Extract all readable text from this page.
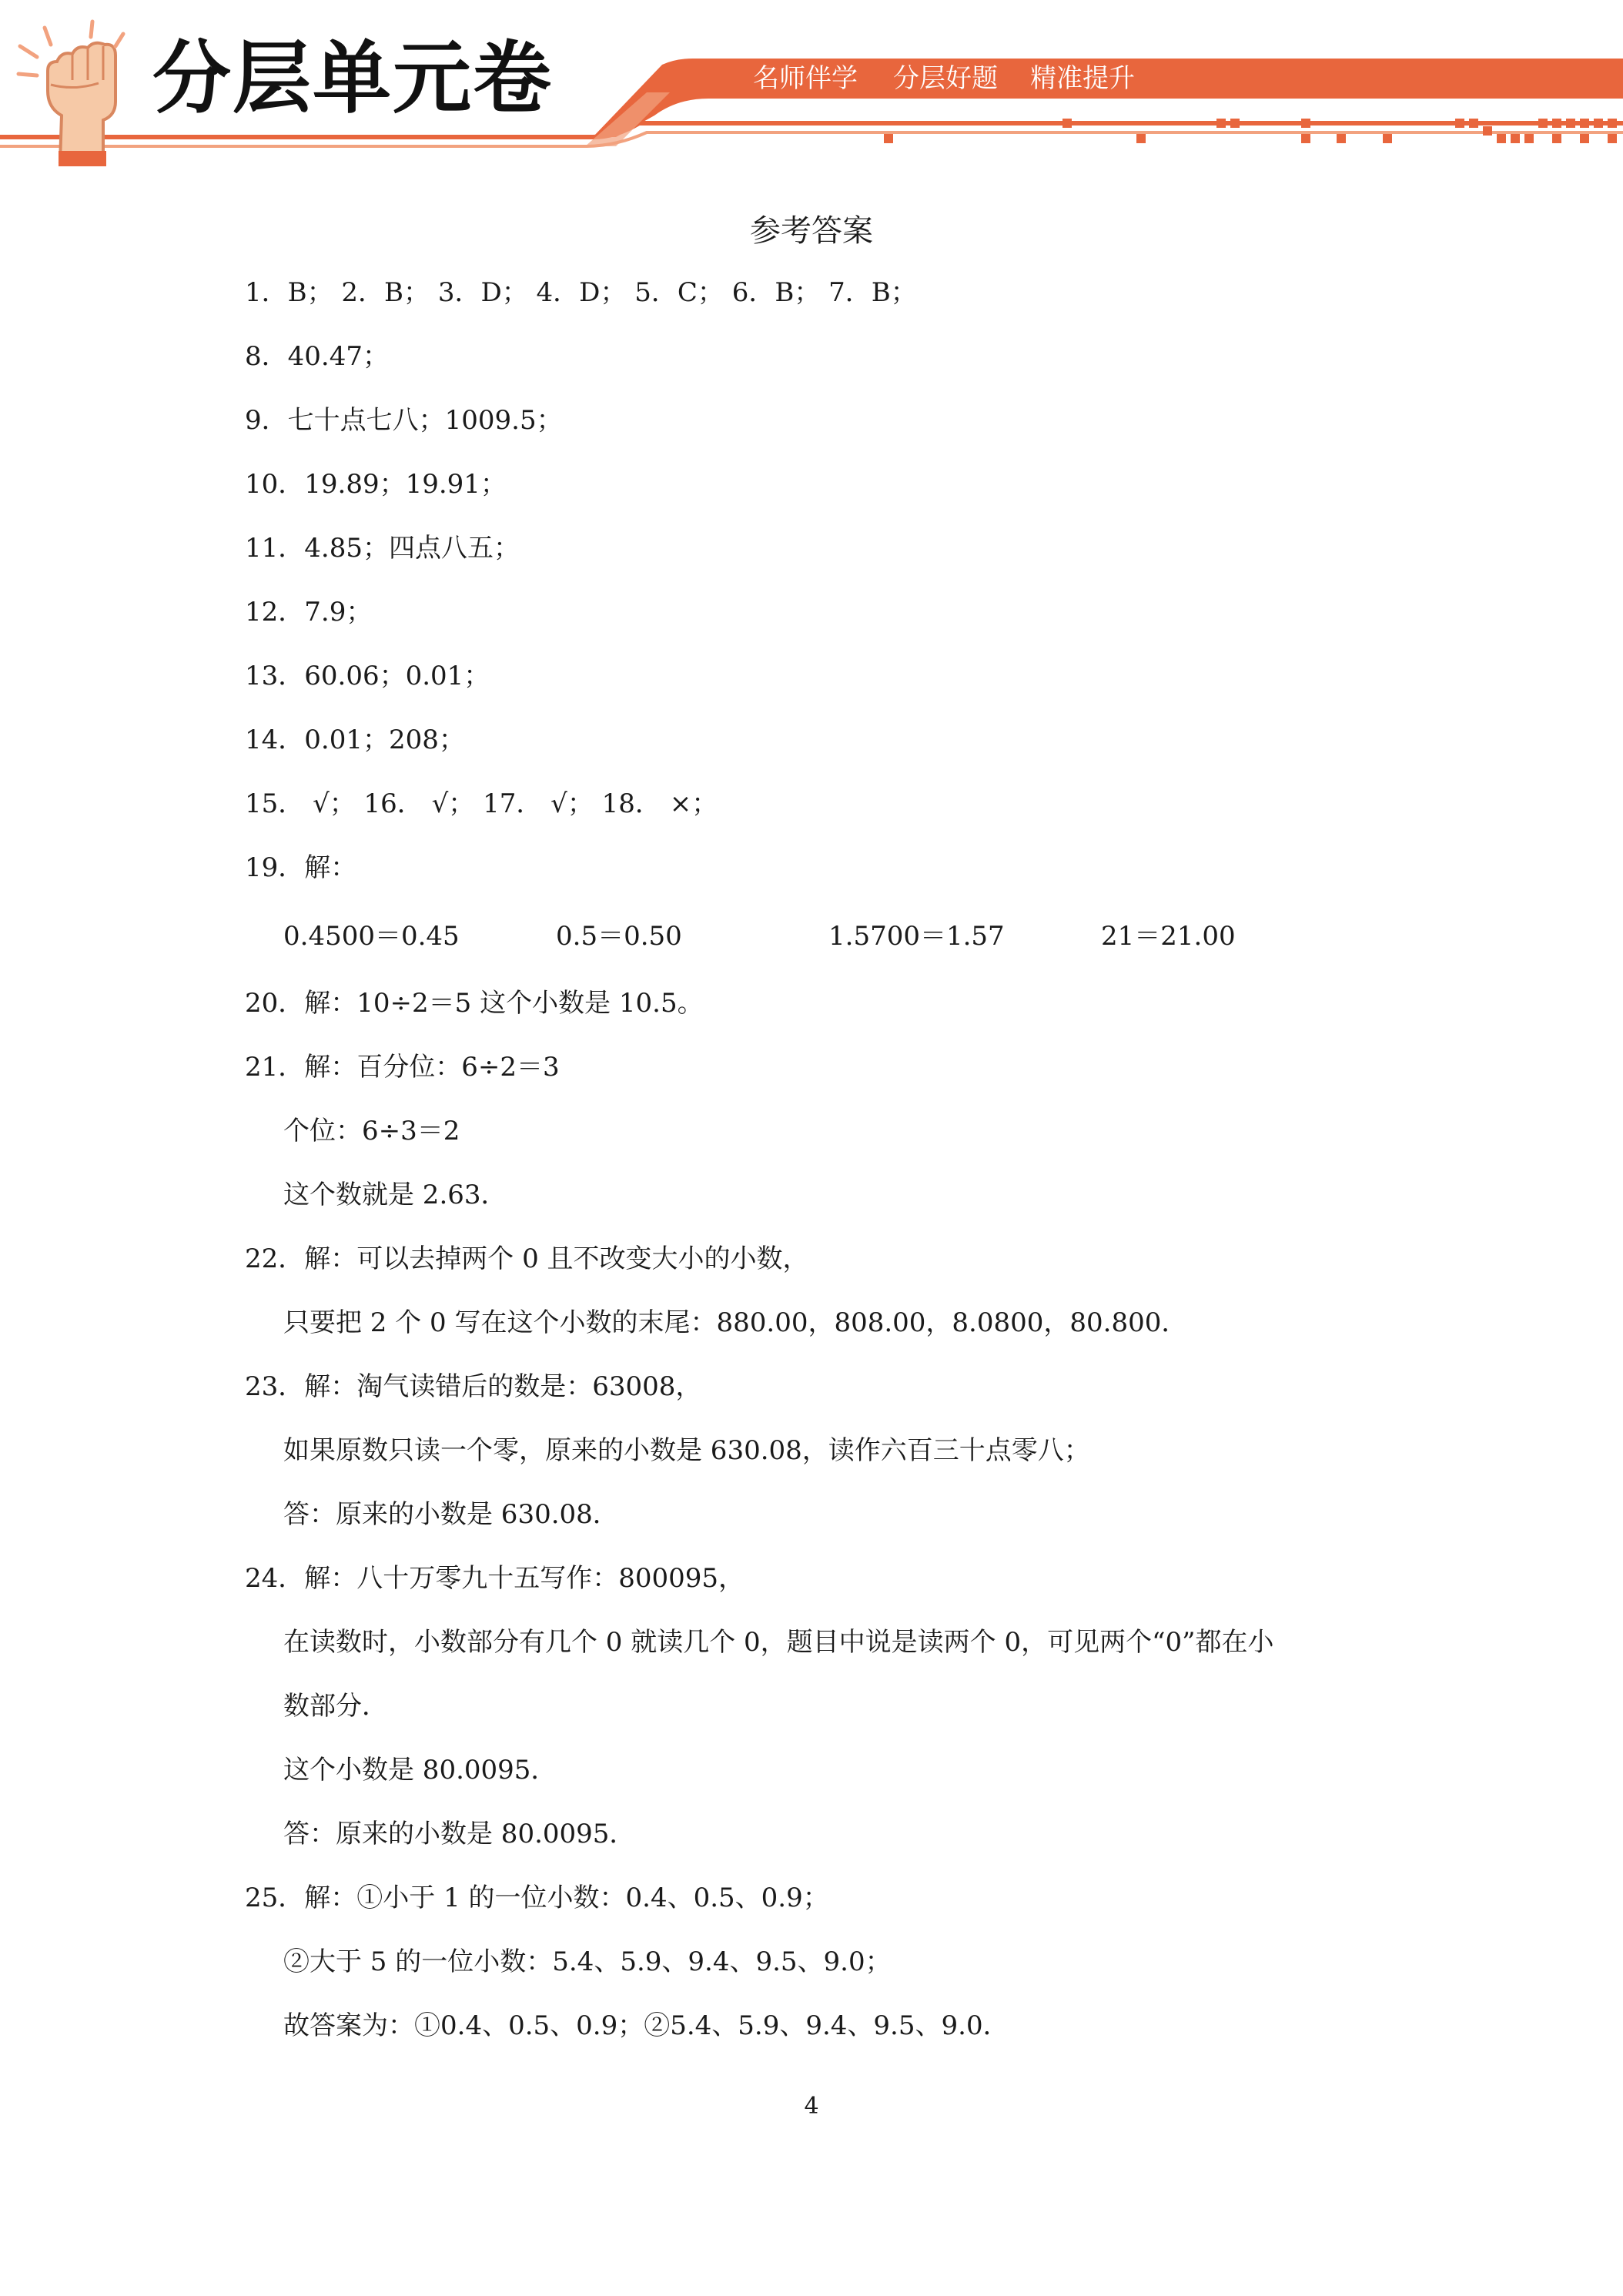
分层单元卷	名师伴学 分层好题 精准提升
参考答案
1．B； 2．B； 3．D； 4．D； 5．C； 6．B； 7．B；
8．40.47；
9．七十点七八；1009.5；
10．19.89；19.91；
11．4.85；四点八五；
12．7.9；
13．60.06；0.01；
14．0.01；208；
15． √； 16． √； 17． √； 18． ×；
19．解：
0.4500＝0.45	0.5＝0.50	1.5700＝1.57	21＝21.00
20．解：10÷2＝5 这个小数是 10.5。
21．解：百分位：6÷2＝3
个位：6÷3＝2
这个数就是 2.63．
22．解：可以去掉两个 0 且不改变大小的小数，
只要把 2 个 0 写在这个小数的末尾：880.00，808.00，8.0800，80.800．
23．解：淘气读错后的数是：63008，
如果原数只读一个零，原来的小数是 630.08，读作六百三十点零八；
答：原来的小数是 630.08．
24．解：八十万零九十五写作：800095，
在读数时，小数部分有几个 0 就读几个 0，题目中说是读两个 0，可见两个“0”都在小
数部分．
这个小数是 80.0095．
答：原来的小数是 80.0095．
25．解：①小于 1 的一位小数：0.4、0.5、0.9；
②大于 5 的一位小数：5.4、5.9、9.4、9.5、9.0；
故答案为：①0.4、0.5、0.9；②5.4、5.9、9.4、9.5、9.0．
4
